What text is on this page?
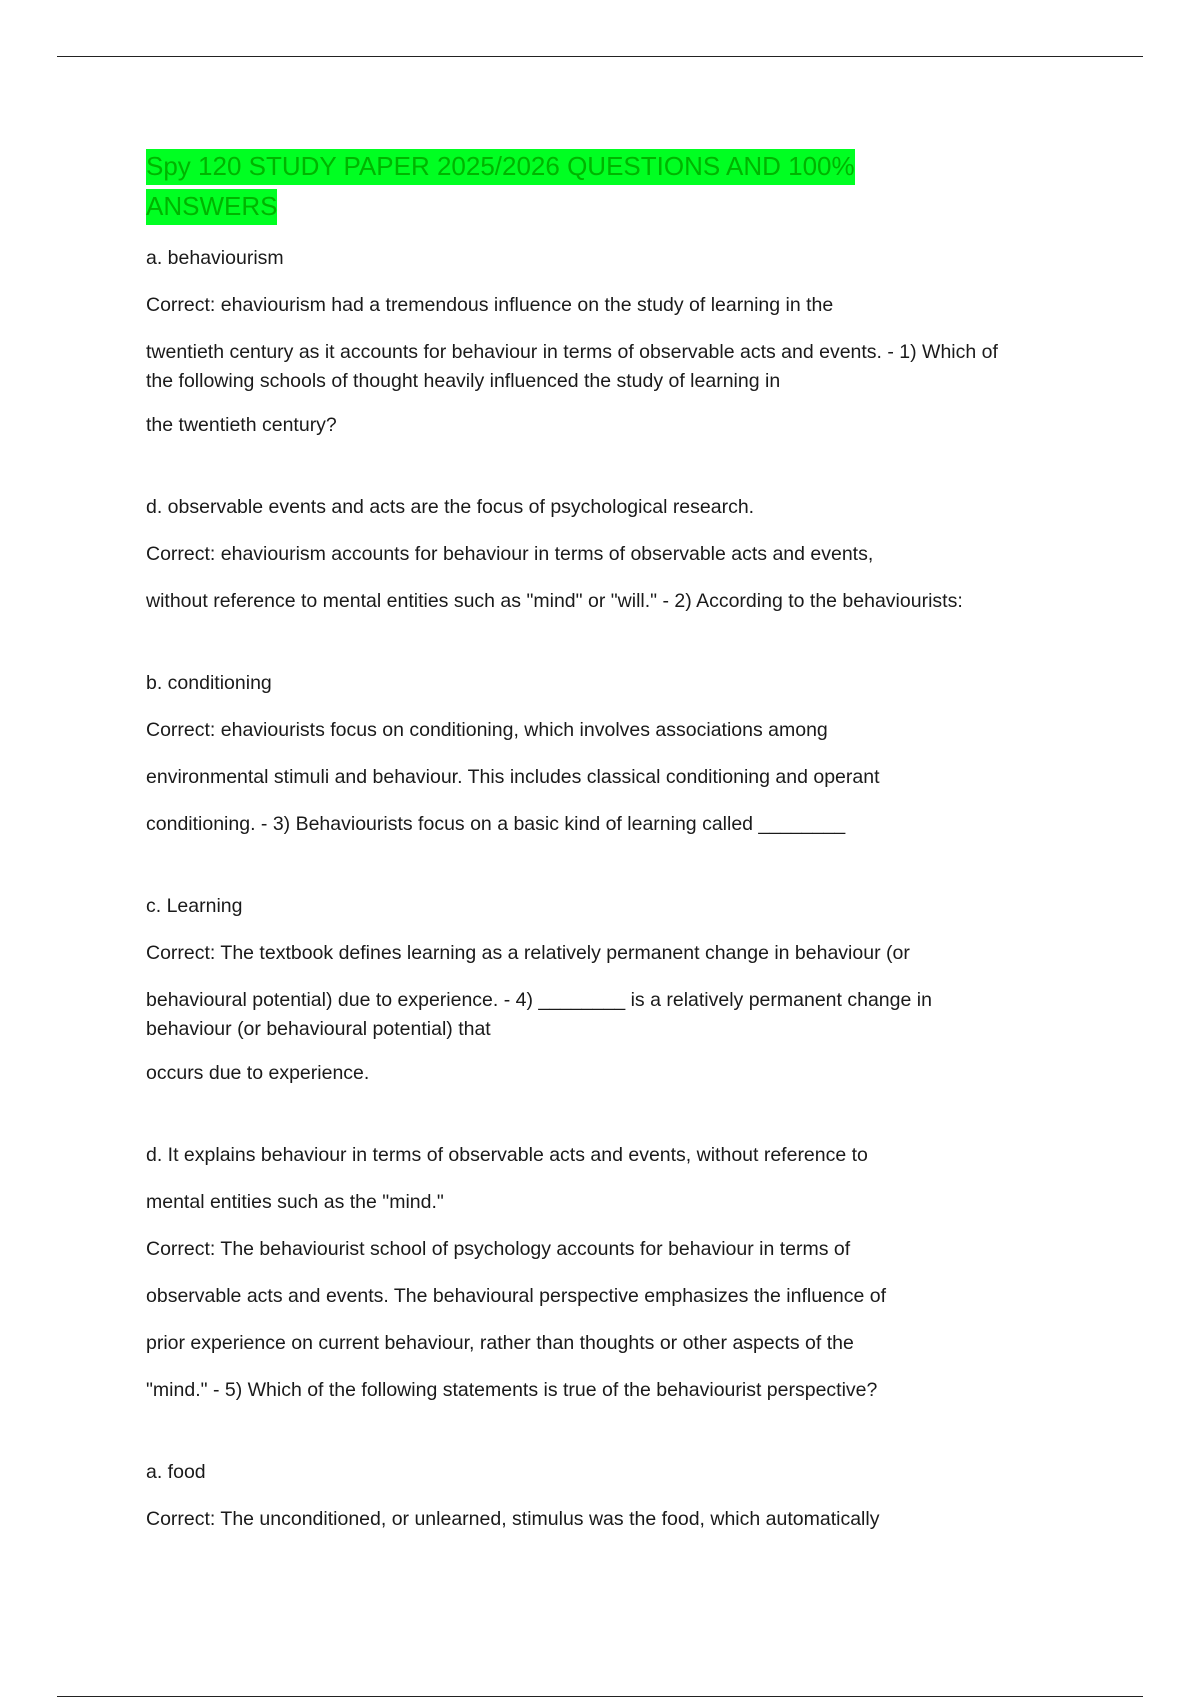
Spy 120 STUDY PAPER 2025/2026 QUESTIONS AND 100%
ANSWERS

a. behaviourism

Correct: ehaviourism had a tremendous influence on the study of learning in the

twentieth century as it accounts for behaviour in terms of observable acts and events. - 1) Which of

the following schools of thought heavily influenced the study of learning in

the twentieth century?

d. observable events and acts are the focus of psychological research.

Correct: ehaviourism accounts for behaviour in terms of observable acts and events,

without reference to mental entities such as "mind" or "will." - 2) According to the behaviourists:

b. conditioning

Correct: ehaviourists focus on conditioning, which involves associations among

environmental stimuli and behaviour. This includes classical conditioning and operant

conditioning. - 3) Behaviourists focus on a basic kind of learning called ________

c. Learning

Correct: The textbook defines learning as a relatively permanent change in behaviour (or

behavioural potential) due to experience. - 4) ________ is a relatively permanent change in

behaviour (or behavioural potential) that

occurs due to experience.

d. It explains behaviour in terms of observable acts and events, without reference to

mental entities such as the "mind."

Correct: The behaviourist school of psychology accounts for behaviour in terms of

observable acts and events. The behavioural perspective emphasizes the influence of

prior experience on current behaviour, rather than thoughts or other aspects of the

"mind." - 5) Which of the following statements is true of the behaviourist perspective?

a. food

Correct: The unconditioned, or unlearned, stimulus was the food, which automatically
